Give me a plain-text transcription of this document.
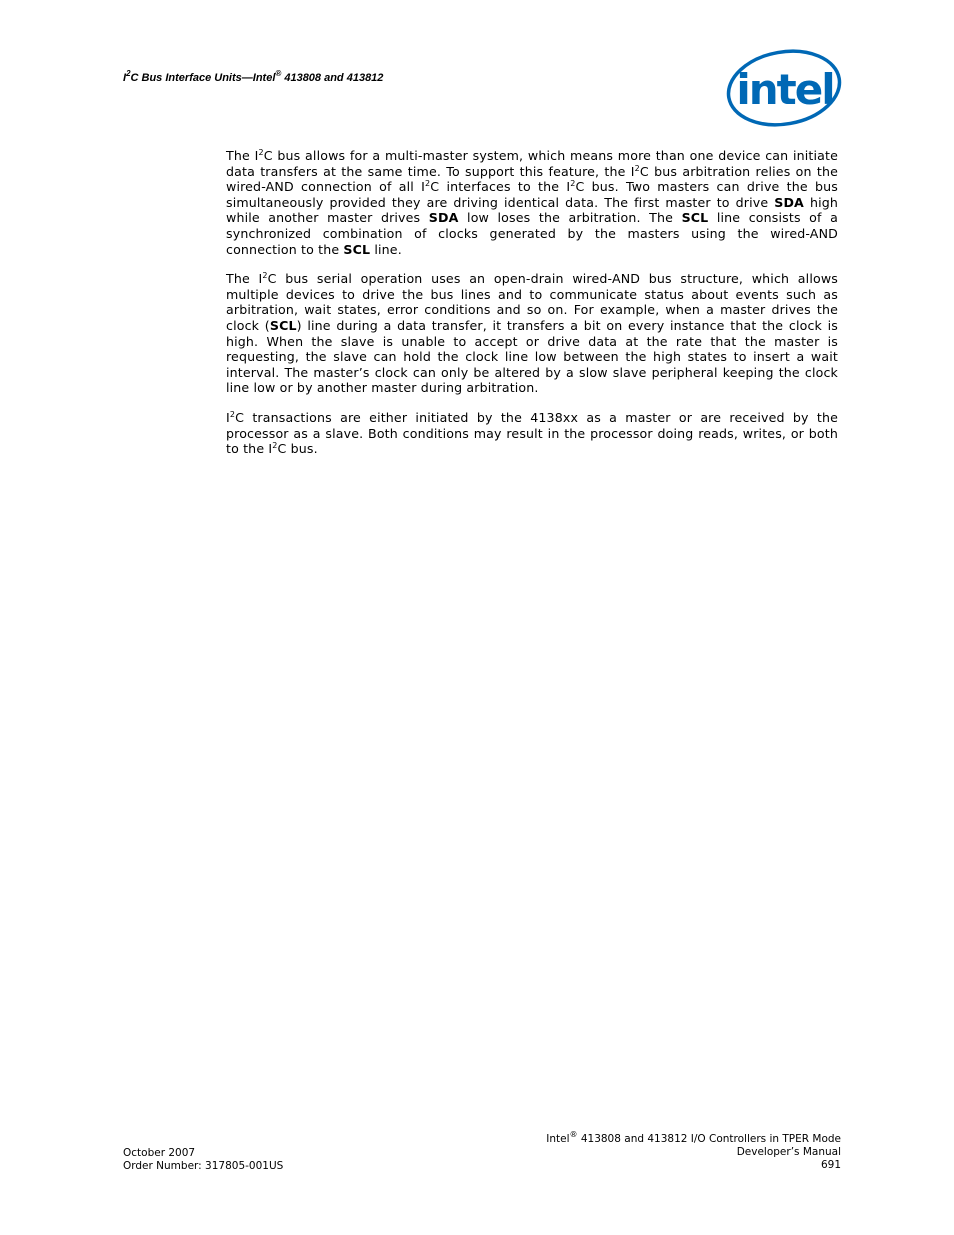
$I^2C$ Bus Interface Units—Intel® 413808 and 413812	intel

The $I^2C$ bus allows for a multi-master system, which means more than one device can initiate data transfers at the same time. To support this feature, the $I^2C$ bus arbitration relies on the wired-AND connection of all $I^2C$ interfaces to the $I^2C$ bus. Two masters can drive the bus simultaneously provided they are driving identical data. The first master to drive SDA high while another master drives SDA low loses the arbitration. The SCL line consists of a synchronized combination of clocks generated by the masters using the wired-AND connection to the SCL line.

The $I^2C$ bus serial operation uses an open-drain wired-AND bus structure, which allows multiple devices to drive the bus lines and to communicate status about events such as arbitration, wait states, error conditions and so on. For example, when a master drives the clock (SCL) line during a data transfer, it transfers a bit on every instance that the clock is high. When the slave is unable to accept or drive data at the rate that the master is requesting, the slave can hold the clock line low between the high states to insert a wait interval. The master’s clock can only be altered by a slow slave peripheral keeping the clock line low or by another master during arbitration.

$I^2C$ transactions are either initiated by the 4138xx as a master or are received by the processor as a slave. Both conditions may result in the processor doing reads, writes, or both to the $I^2C$ bus.

October 2007
Order Number: 317805-001US
Intel® 413808 and 413812 I/O Controllers in TPER Mode
Developer’s Manual
691
